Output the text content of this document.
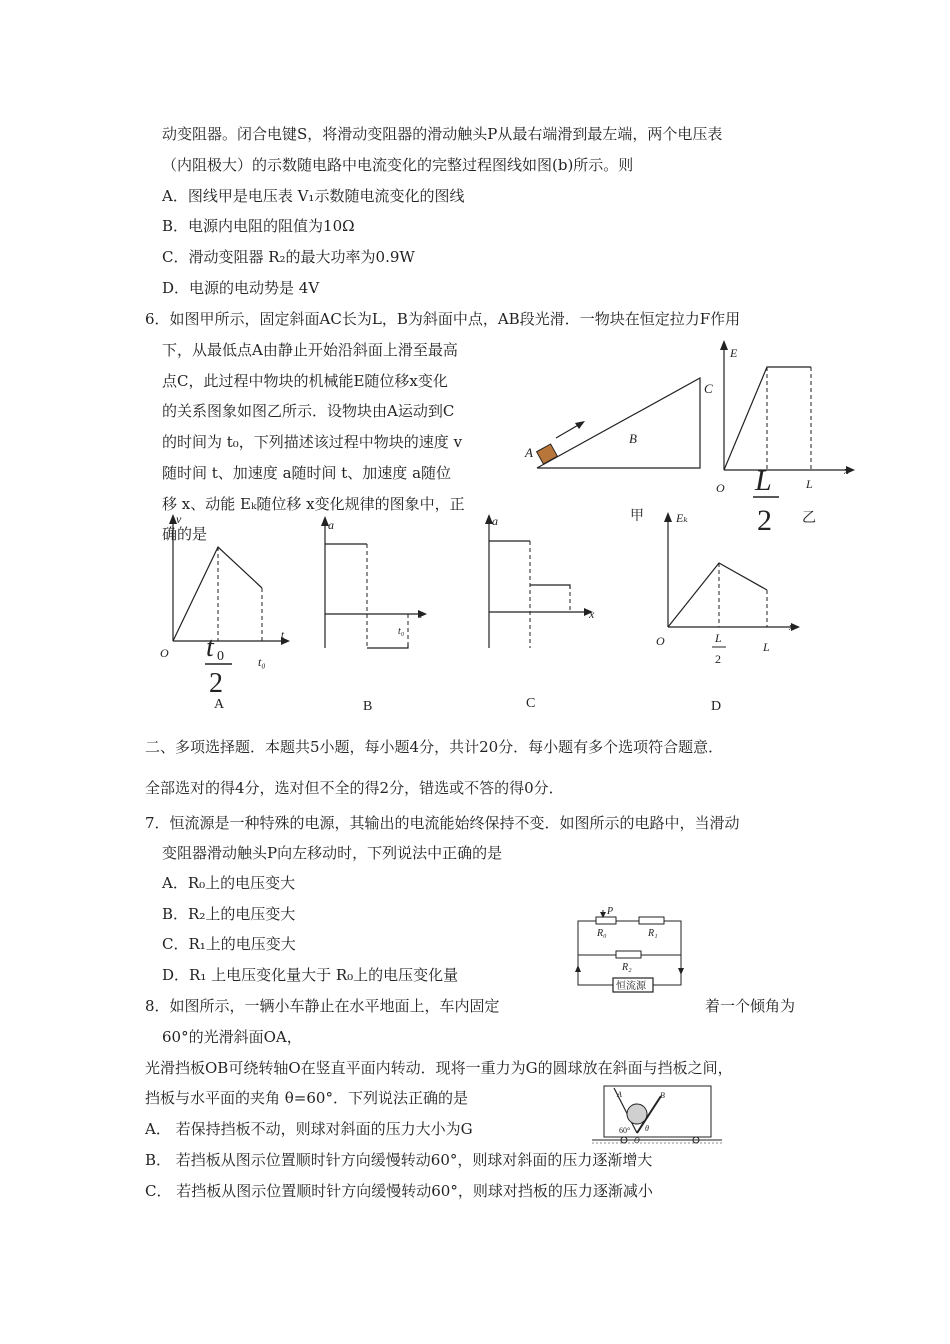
动变阻器。闭合电键S，将滑动变阻器的滑动触头P从最右端滑到最左端，两个电压表
（内阻极大）的示数随电路中电流变化的完整过程图线如图(b)所示。则
A．图线甲是电压表 V₁示数随电流变化的图线
B．电源内电阻的阻值为10Ω
C．滑动变阻器 R₂的最大功率为0.9W
D．电源的电动势是 4V
6．如图甲所示，固定斜面AC长为L，B为斜面中点，AB段光滑．一物块在恒定拉力F作用
下，从最低点A由静止开始沿斜面上滑至最高
点C，此过程中物块的机械能E随位移x变化
的关系图象如图乙所示．设物块由A运动到C
的时间为 t₀，下列描述该过程中物块的速度 v
随时间 t、加速度 a随时间 t、加速度 a随位
移 x、动能 Eₖ随位移 x变化规律的图象中，正
确的是
A
B
C
甲
E
O	L
x
L
2 乙
v
t
O t 0
2
t₀
A
a
t
t₀
B
a
x
C
Eₖ
x
O	L
2
L
D
二、多项选择题．本题共5小题，每小题4分，共计20分．每小题有多个选项符合题意．
全部选对的得4分，选对但不全的得2分，错选或不答的得0分．
7．恒流源是一种特殊的电源，其输出的电流能始终保持不变．如图所示的电路中，当滑动
变阻器滑动触头P向左移动时，下列说法中正确的是
A．R₀上的电压变大
B．R₂上的电压变大
C．R₁上的电压变大
D．R₁ 上电压变化量大于 R₀上的电压变化量
P
R₀	R₁
R₂
恒流源
8．如图所示，一辆小车静止在水平地面上，车内固定	着一个倾角为
60°的光滑斜面OA，
光滑挡板OB可绕转轴O在竖直平面内转动．现将一重力为G的圆球放在斜面与挡板之间，
挡板与水平面的夹角 θ=60°．下列说法正确的是
A． 若保持挡板不动，则球对斜面的压力大小为G
B． 若挡板从图示位置顺时针方向缓慢转动60°，则球对斜面的压力逐渐增大
C． 若挡板从图示位置顺时针方向缓慢转动60°，则球对挡板的压力逐渐减小
A	B
O
60° θ
